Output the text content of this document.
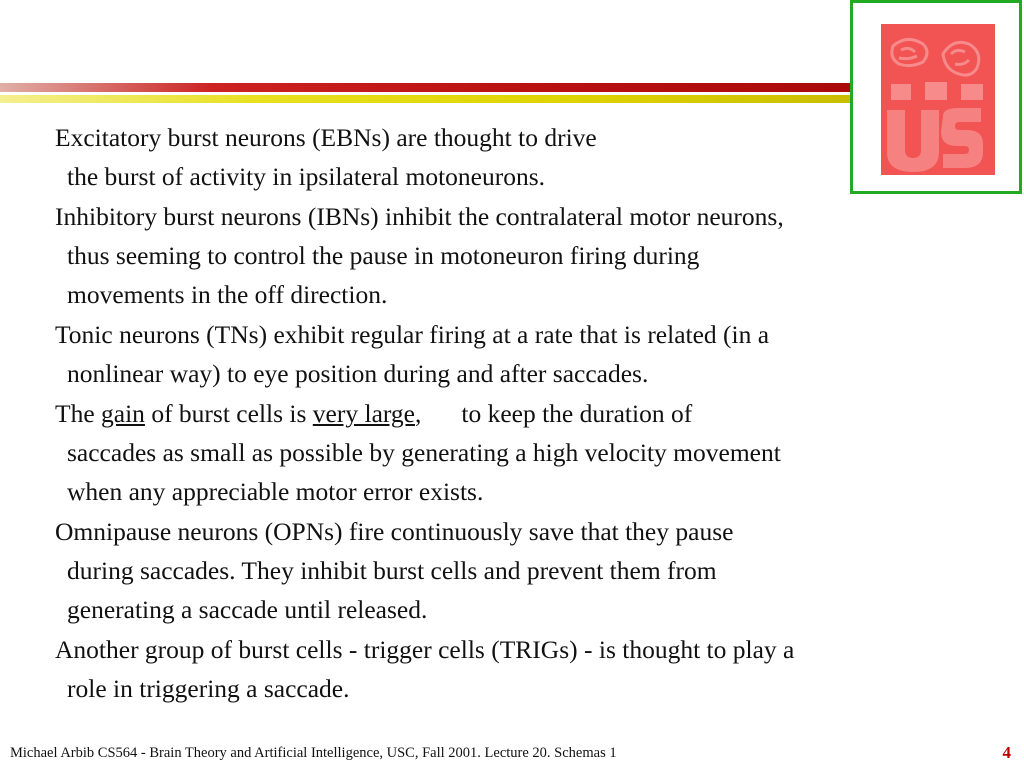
Excitatory burst neurons (EBNs) are thought to drive
the burst of activity in ipsilateral motoneurons.

Inhibitory burst neurons (IBNs) inhibit the contralateral motor neurons,
thus seeming to control the pause in motoneuron firing during
movements in the off direction.

Tonic neurons (TNs) exhibit regular firing at a rate that is related (in a
nonlinear way) to eye position during and after saccades.

The gain of burst cells is very large, to keep the duration of
saccades as small as possible by generating a high velocity movement
when any appreciable motor error exists.

Omnipause neurons (OPNs) fire continuously save that they pause
during saccades. They inhibit burst cells and prevent them from
generating a saccade until released.

Another group of burst cells - trigger cells (TRIGs) - is thought to play a
role in triggering a saccade.

Michael Arbib CS564 - Brain Theory and Artificial Intelligence, USC, Fall 2001. Lecture 20. Schemas 1	4
